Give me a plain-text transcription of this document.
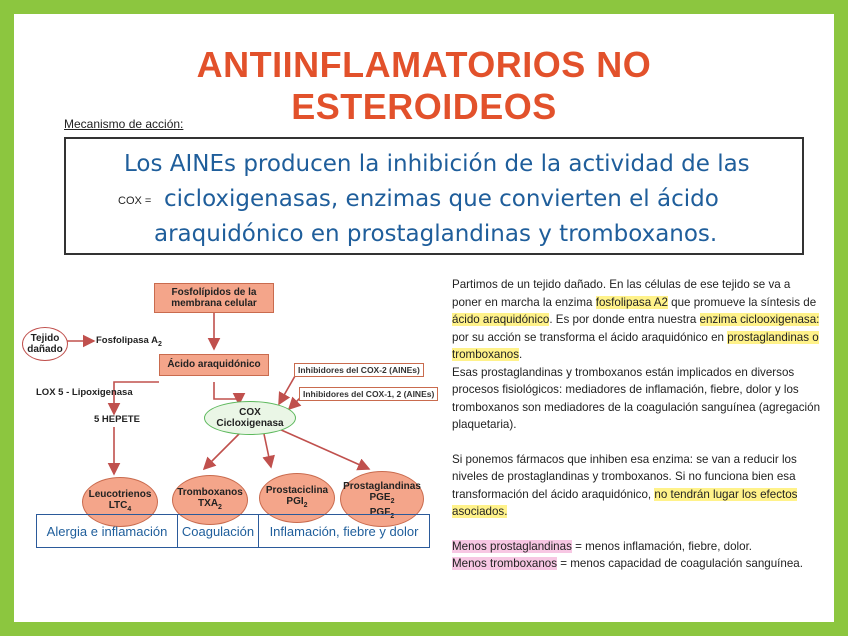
ANTIINFLAMATORIOS NO
ESTEROIDEOS
Mecanismo de acción:
Los AINEs producen la inhibición de la actividad de las
COX = cicloxigenasas, enzimas que convierten el ácido
araquidónico en prostaglandinas y tromboxanos.
Fosfolípidos de la membrana celular
Tejido dañado
Fosfolipasa $A_2$
Ácido araquidónico
LOX 5 - Lipoxigenasa
5 HEPETE
Inhibidores del COX-2 (AINEs)
Inhibidores del COX-1, 2 (AINEs)
COX
Cicloxigenasa
Leucotrienos
$LTC_4$
Tromboxanos
$TXA_2$
Prostaciclina
$PGI_2$
Prostaglandinas
$PGE_2$
$PGF_2$
Alergia e inflamación	Coagulación	Inflamación, fiebre y dolor

Partimos de un tejido dañado. En las células de ese tejido se va a poner en marcha la enzima fosfolipasa A2 que promueve la síntesis de ácido araquidónico. Es por donde entra nuestra enzima ciclooxigenasa: por su acción se transforma el ácido araquidónico en prostaglandinas o tromboxanos.

Esas prostaglandinas y tromboxanos están implicados en diversos procesos fisiológicos: mediadores de inflamación, fiebre, dolor y los tromboxanos son mediadores de la coagulación sanguínea (agregación plaquetaria).

Si ponemos fármacos que inhiben esa enzima: se van a reducir los niveles de prostaglandinas y tromboxanos. Si no funciona bien esa transformación del ácido araquidónico, no tendrán lugar los efectos asociados.

Menos prostaglandinas = menos inflamación, fiebre, dolor.

Menos tromboxanos = menos capacidad de coagulación sanguínea.
